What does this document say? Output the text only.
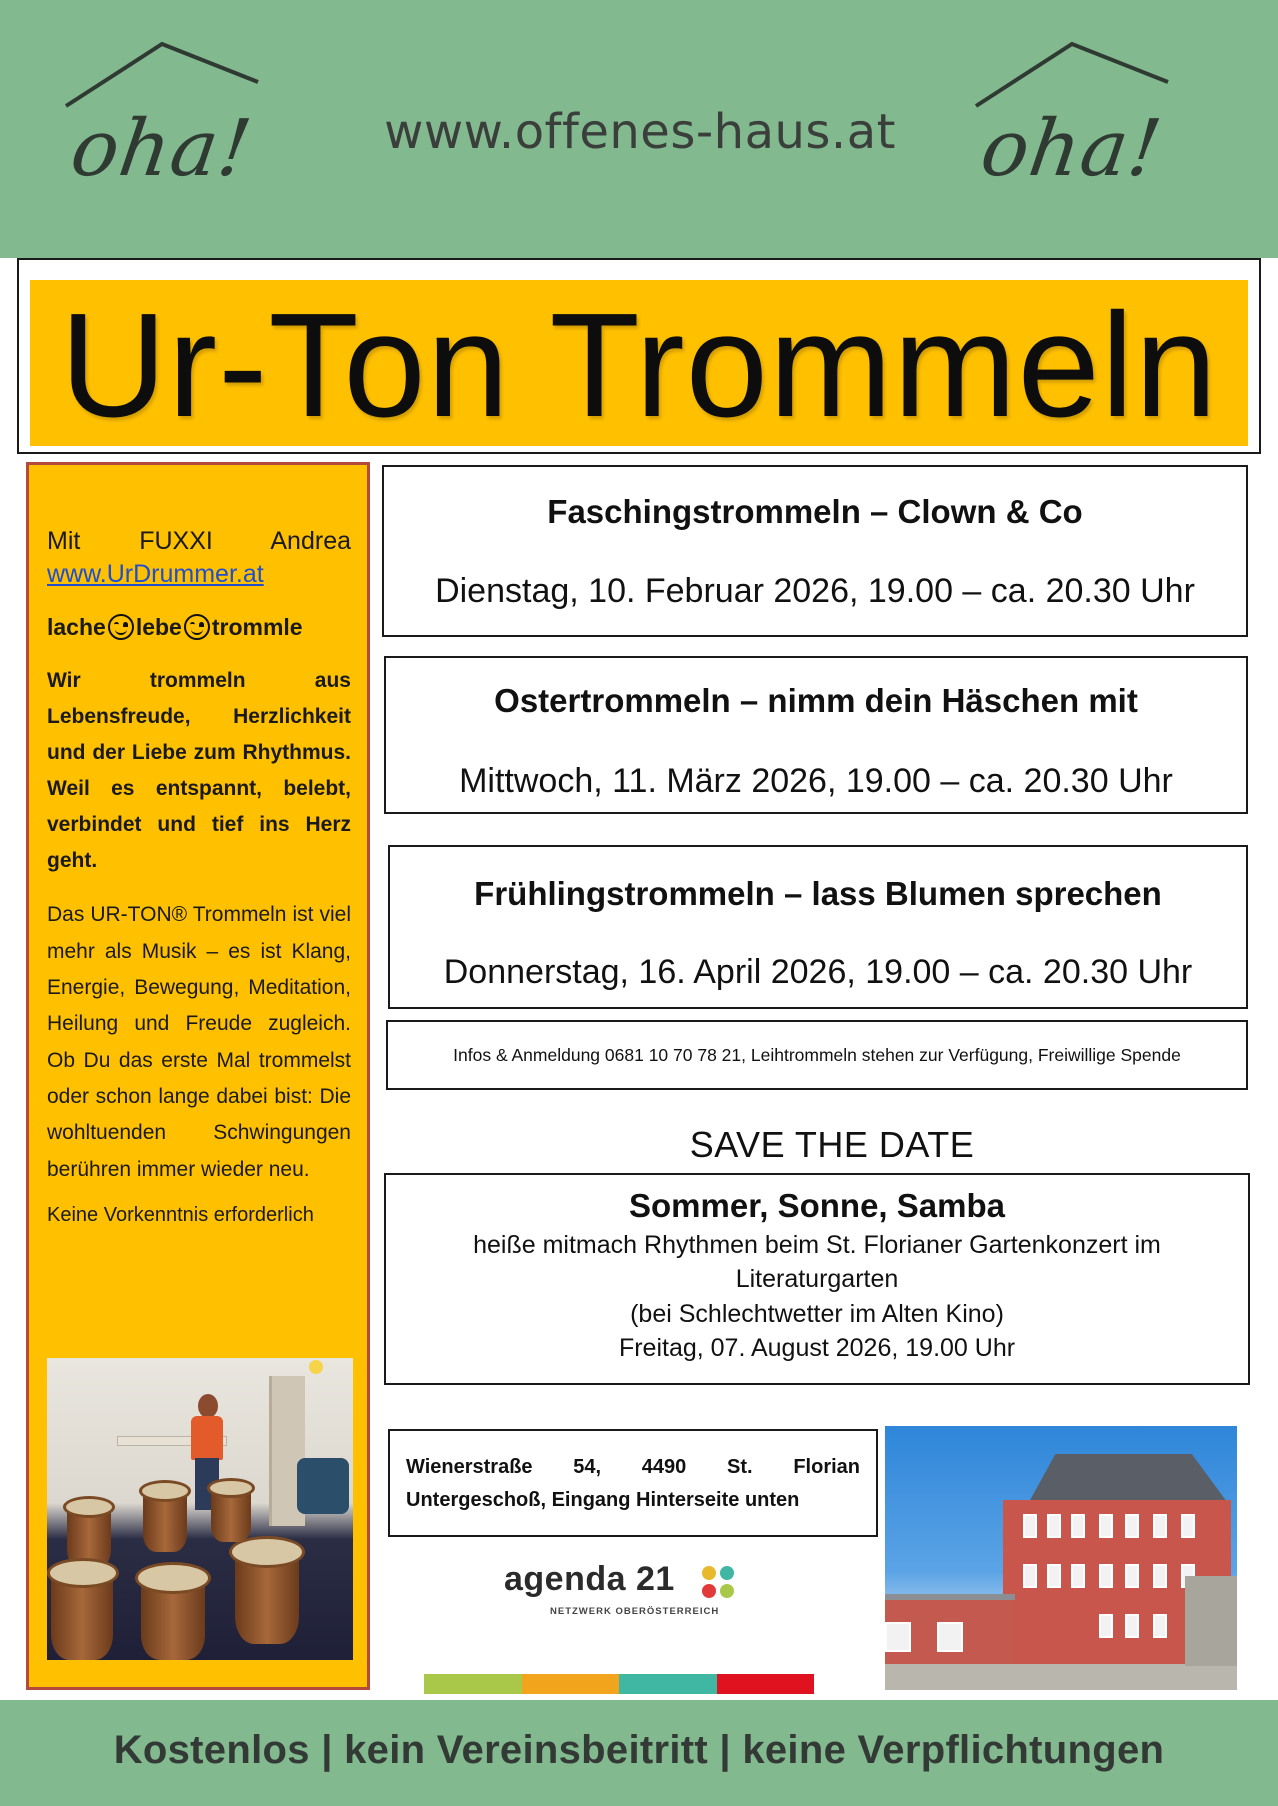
oha!	www.offenes-haus.at	oha!
Ur-Ton Trommeln
Mit FUXXI Andrea
www.UrDrummer.at
lache lebe trommle
Wir trommeln aus Lebensfreude, Herzlichkeit und der Liebe zum Rhythmus. Weil es entspannt, belebt, verbindet und tief ins Herz geht.
Das UR-TON® Trommeln ist viel mehr als Musik – es ist Klang, Energie, Bewegung, Meditation, Heilung und Freude zugleich. Ob Du das erste Mal trommelst oder schon lange dabei bist: Die wohltuenden Schwingungen berühren immer wieder neu.
Keine Vorkenntnis erforderlich
Faschingstrommeln – Clown & Co
Dienstag, 10. Februar 2026, 19.00 – ca. 20.30 Uhr
Ostertrommeln – nimm dein Häschen mit
Mittwoch, 11. März 2026, 19.00 – ca. 20.30 Uhr
Frühlingstrommeln – lass Blumen sprechen
Donnerstag, 16. April 2026, 19.00 – ca. 20.30 Uhr
Infos & Anmeldung 0681 10 70 78 21, Leihtrommeln stehen zur Verfügung, Freiwillige Spende
SAVE THE DATE
Sommer, Sonne, Samba
heiße mitmach Rhythmen beim St. Florianer Gartenkonzert im
Literaturgarten
(bei Schlechtwetter im Alten Kino)
Freitag, 07. August 2026, 19.00 Uhr
Wienerstraße 54, 4490 St. Florian
Untergeschoß, Eingang Hinterseite unten
agenda 21
NETZWERK OBERÖSTERREICH
Kostenlos | kein Vereinsbeitritt | keine Verpflichtungen
